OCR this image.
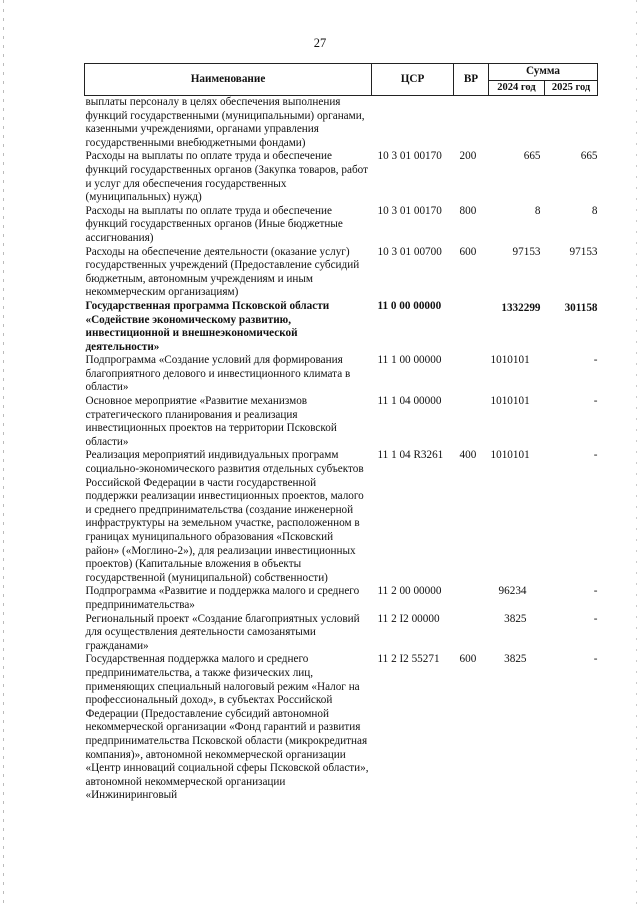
27
Наименование	ЦСР	ВР	Сумма	
			2024 год	2025 год
выплаты персоналу в целях обеспечения выполнения функций государственными (муниципальными) органами, казенными учреждениями, органами управления государственными внебюджетными фондами)				
Расходы на выплаты по оплате труда и обеспечение функций государственных органов (Закупка товаров, работ и услуг для обеспечения государственных (муниципальных) нужд)	10 3 01 00170	200	665	665
Расходы на выплаты по оплате труда и обеспечение функций государственных органов (Иные бюджетные ассигнования)	10 3 01 00170	800	8	8
Расходы на обеспечение деятельности (оказание услуг) государственных учреждений (Предоставление субсидий бюджетным, автономным учреждениям и иным некоммерческим организациям)	10 3 01 00700	600	97153	97153
Государственная программа Псковской области «Содействие экономическому развитию, инвестиционной и внешнеэкономической деятельности»	11 0 00 00000		1332299	301158
Подпрограмма «Создание условий для формирования благоприятного делового и инвестиционного климата в области»	11 1 00 00000		1010101	-
Основное мероприятие «Развитие механизмов стратегического планирования и реализация инвестиционных проектов на территории Псковской области»	11 1 04 00000		1010101	-
Реализация мероприятий индивидуальных программ социально-экономического развития отдельных субъектов Российской Федерации в части государственной поддержки реализации инвестиционных проектов, малого и среднего предпринимательства (создание инженерной инфраструктуры на земельном участке, расположенном в границах муниципального образования «Псковский район» («Моглино-2»), для реализации инвестиционных проектов) (Капитальные вложения в объекты государственной (муниципальной) собственности)	11 1 04 R3261	400	1010101	-
Подпрограмма «Развитие и поддержка малого и среднего предпринимательства»	11 2 00 00000		96234	-
Региональный проект «Создание благоприятных условий для осуществления деятельности самозанятыми гражданами»	11 2 I2 00000		3825	-
Государственная поддержка малого и среднего предпринимательства, а также физических лиц, применяющих специальный налоговый режим «Налог на профессиональный доход», в субъектах Российской Федерации (Предоставление субсидий автономной некоммерческой организации «Фонд гарантий и развития предпринимательства Псковской области (микрокредитная компания)», автономной некоммерческой организации «Центр инноваций социальной сферы Псковской области», автономной некоммерческой организации «Инжиниринговый	11 2 I2 55271	600	3825	-
